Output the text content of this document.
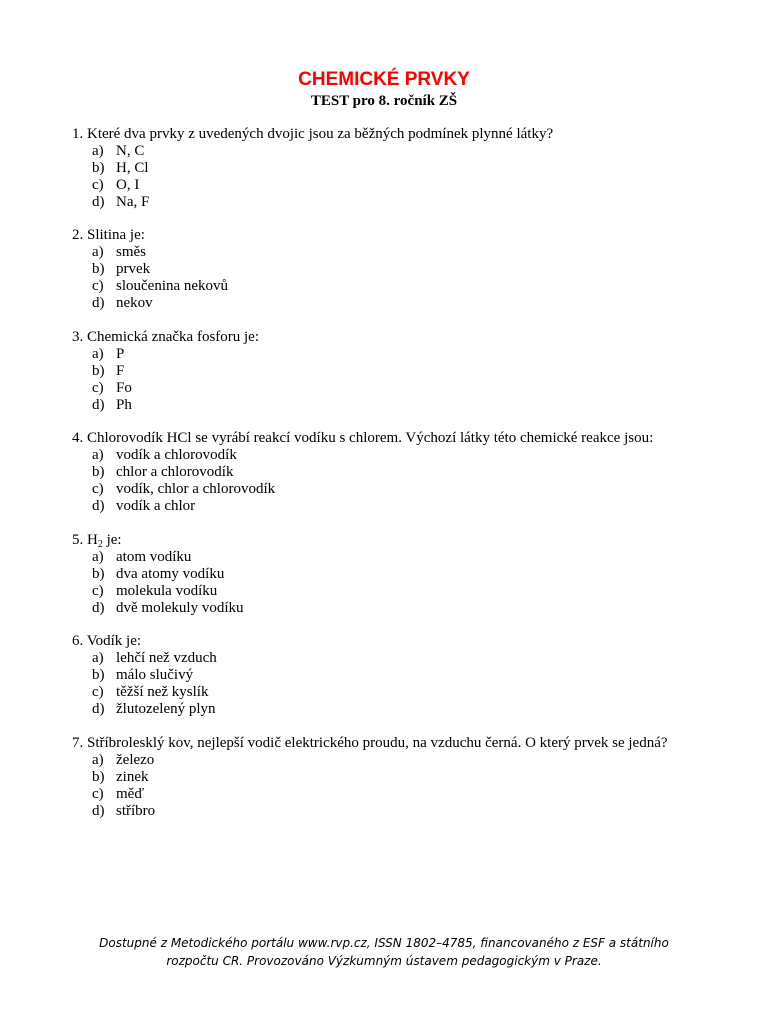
CHEMICKÉ PRVKY
TEST pro 8. ročník ZŠ
1. Které dva prvky z uvedených dvojic jsou za běžných podmínek plynné látky?
a) N, C
b) H, Cl
c) O, I
d) Na, F
2. Slitina je:
a) směs
b) prvek
c) sloučenina nekovů
d) nekov
3. Chemická značka fosforu je:
a) P
b) F
c) Fo
d) Ph
4. Chlorovodík HCl se vyrábí reakcí vodíku s chlorem. Výchozí látky této chemické reakce jsou:
a) vodík a chlorovodík
b) chlor a chlorovodík
c) vodík, chlor a chlorovodík
d) vodík a chlor
5. $H_2$ je:
a) atom vodíku
b) dva atomy vodíku
c) molekula vodíku
d) dvě molekuly vodíku
6. Vodík je:
a) lehčí než vzduch
b) málo slučivý
c) těžší než kyslík
d) žlutozelený plyn
7. Stříbrolesklý kov, nejlepší vodič elektrického proudu, na vzduchu černá. O který prvek se jedná?
a) železo
b) zinek
c) měď
d) stříbro
Dostupné z Metodického portálu www.rvp.cz, ISSN 1802–4785, financovaného z ESF a státního
rozpočtu CR. Provozováno Výzkumným ústavem pedagogickým v Praze.
